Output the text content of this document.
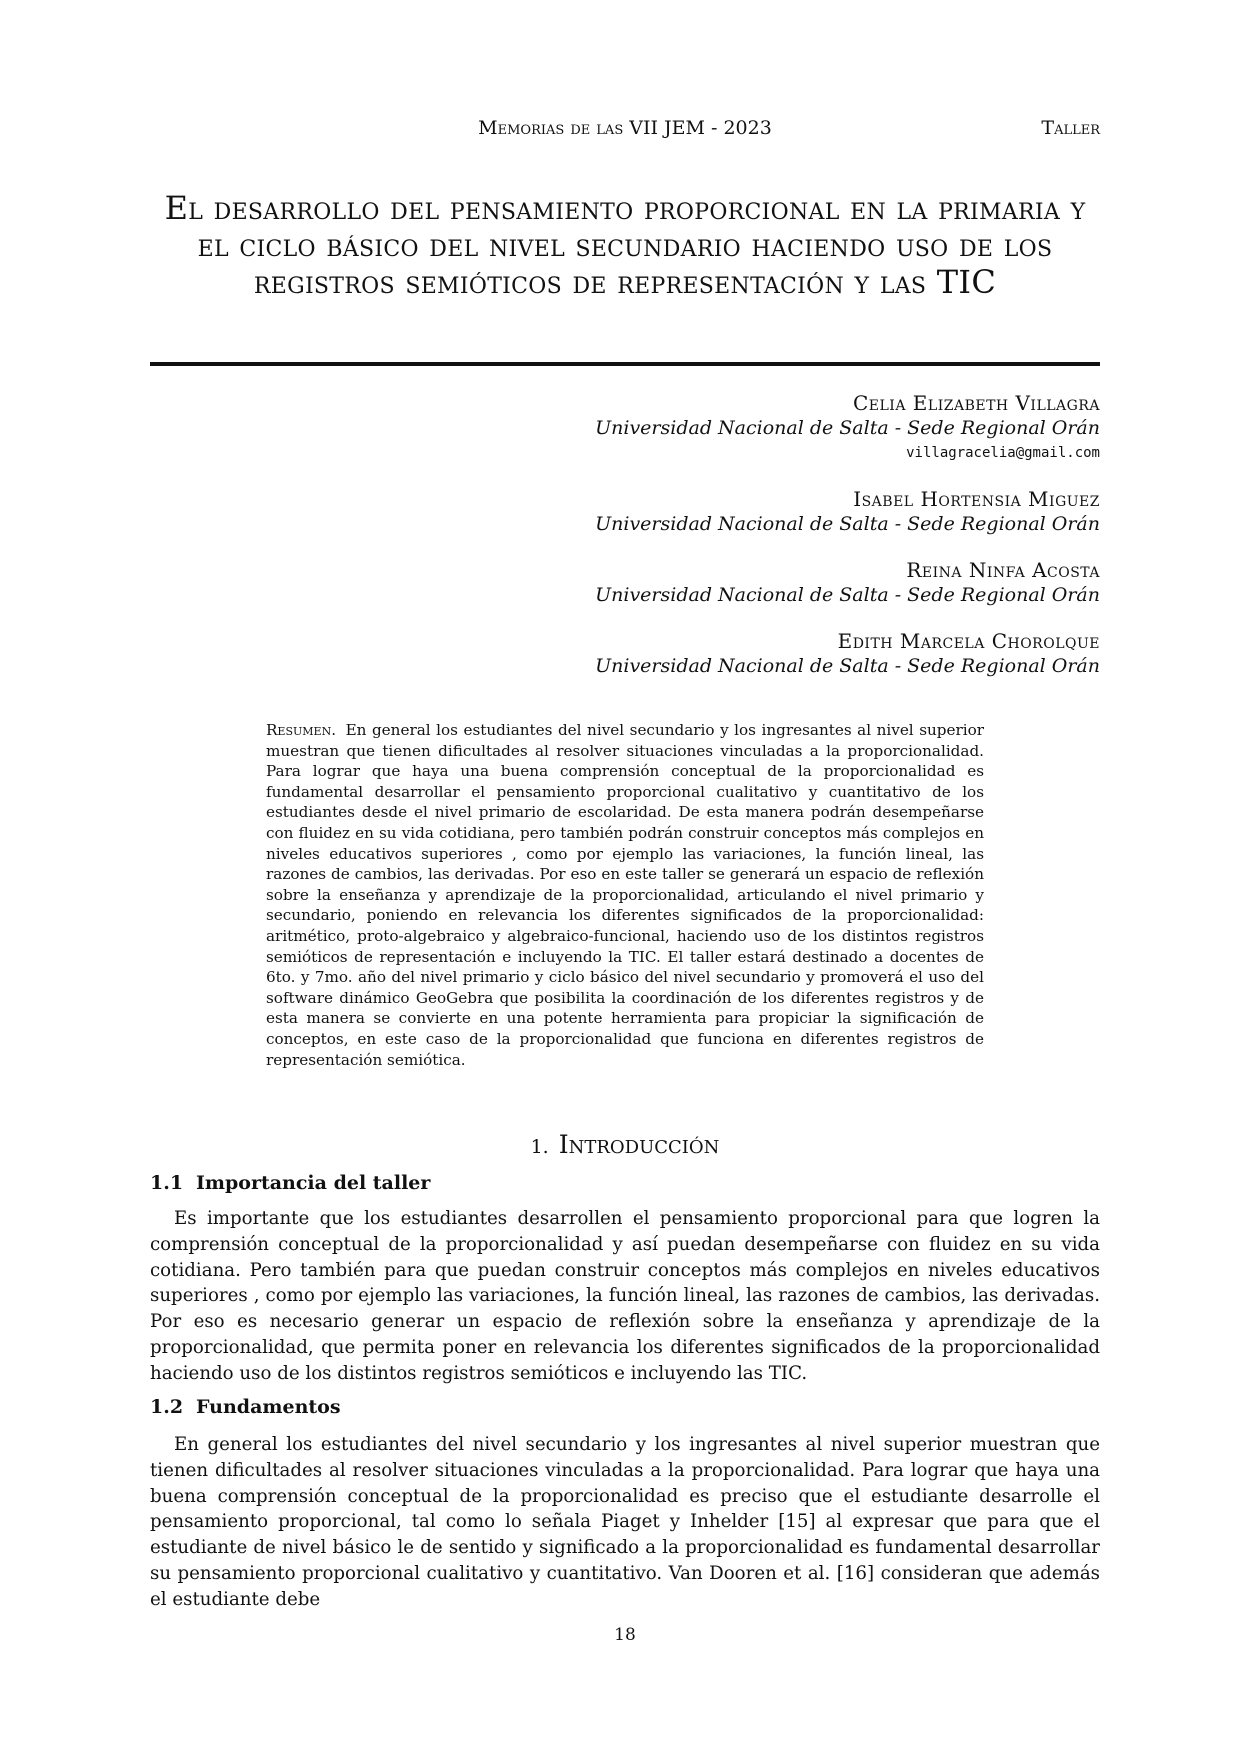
Memorias de las VII JEM - 2023	Taller
El desarrollo del pensamiento proporcional en la primaria y el ciclo básico del nivel secundario haciendo uso de los registros semióticos de representación y las TIC
Celia Elizabeth Villagra
Universidad Nacional de Salta - Sede Regional Orán
villagracelia@gmail.com
Isabel Hortensia Miguez
Universidad Nacional de Salta - Sede Regional Orán
Reina Ninfa Acosta
Universidad Nacional de Salta - Sede Regional Orán
Edith Marcela Chorolque
Universidad Nacional de Salta - Sede Regional Orán
Resumen. En general los estudiantes del nivel secundario y los ingresantes al nivel superior muestran que tienen dificultades al resolver situaciones vinculadas a la proporcionalidad. Para lograr que haya una buena comprensión conceptual de la proporcionalidad es fundamental desarrollar el pensamiento proporcional cualitativo y cuantitativo de los estudiantes desde el nivel primario de escolaridad. De esta manera podrán desempeñarse con fluidez en su vida cotidiana, pero también podrán construir conceptos más complejos en niveles educativos superiores , como por ejemplo las variaciones, la función lineal, las razones de cambios, las derivadas. Por eso en este taller se generará un espacio de reflexión sobre la enseñanza y aprendizaje de la proporcionalidad, articulando el nivel primario y secundario, poniendo en relevancia los diferentes significados de la proporcionalidad: aritmético, proto-algebraico y algebraico-funcional, haciendo uso de los distintos registros semióticos de representación e incluyendo la TIC. El taller estará destinado a docentes de 6to. y 7mo. año del nivel primario y ciclo básico del nivel secundario y promoverá el uso del software dinámico GeoGebra que posibilita la coordinación de los diferentes registros y de esta manera se convierte en una potente herramienta para propiciar la significación de conceptos, en este caso de la proporcionalidad que funciona en diferentes registros de representación semiótica.
1. Introducción
1.1 Importancia del taller
Es importante que los estudiantes desarrollen el pensamiento proporcional para que logren la comprensión conceptual de la proporcionalidad y así puedan desempeñarse con fluidez en su vida cotidiana. Pero también para que puedan construir conceptos más complejos en niveles educativos superiores , como por ejemplo las variaciones, la función lineal, las razones de cambios, las derivadas. Por eso es necesario generar un espacio de reflexión sobre la enseñanza y aprendizaje de la proporcionalidad, que permita poner en relevancia los diferentes significados de la proporcionalidad haciendo uso de los distintos registros semióticos e incluyendo las TIC.
1.2 Fundamentos
En general los estudiantes del nivel secundario y los ingresantes al nivel superior muestran que tienen dificultades al resolver situaciones vinculadas a la proporcionalidad. Para lograr que haya una buena comprensión conceptual de la proporcionalidad es preciso que el estudiante desarrolle el pensamiento proporcional, tal como lo señala Piaget y Inhelder [15] al expresar que para que el estudiante de nivel básico le de sentido y significado a la proporcionalidad es fundamental desarrollar su pensamiento proporcional cualitativo y cuantitativo. Van Dooren et al. [16] consideran que además el estudiante debe
18
